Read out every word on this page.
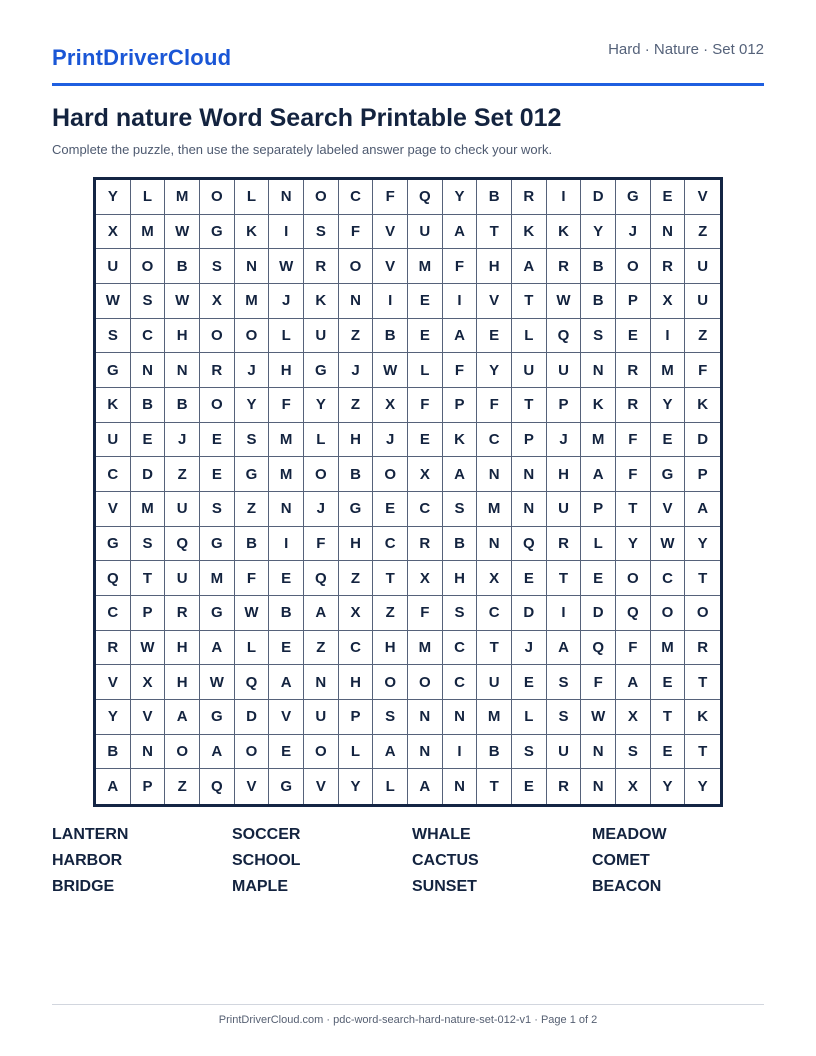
PrintDriverCloud	Hard · Nature · Set 012
Hard nature Word Search Printable Set 012
Complete the puzzle, then use the separately labeled answer page to check your work.
Y	L	M	O	L	N	O	C	F	Q	Y	B	R	I	D	G	E	V
X	M	W	G	K	I	S	F	V	U	A	T	K	K	Y	J	N	Z
U	O	B	S	N	W	R	O	V	M	F	H	A	R	B	O	R	U
W	S	W	X	M	J	K	N	I	E	I	V	T	W	B	P	X	U
S	C	H	O	O	L	U	Z	B	E	A	E	L	Q	S	E	I	Z
G	N	N	R	J	H	G	J	W	L	F	Y	U	U	N	R	M	F
K	B	B	O	Y	F	Y	Z	X	F	P	F	T	P	K	R	Y	K
U	E	J	E	S	M	L	H	J	E	K	C	P	J	M	F	E	D
C	D	Z	E	G	M	O	B	O	X	A	N	N	H	A	F	G	P
V	M	U	S	Z	N	J	G	E	C	S	M	N	U	P	T	V	A
G	S	Q	G	B	I	F	H	C	R	B	N	Q	R	L	Y	W	Y
Q	T	U	M	F	E	Q	Z	T	X	H	X	E	T	E	O	C	T
C	P	R	G	W	B	A	X	Z	F	S	C	D	I	D	Q	O	O
R	W	H	A	L	E	Z	C	H	M	C	T	J	A	Q	F	M	R
V	X	H	W	Q	A	N	H	O	O	C	U	E	S	F	A	E	T
Y	V	A	G	D	V	U	P	S	N	N	M	L	S	W	X	T	K
B	N	O	A	O	E	O	L	A	N	I	B	S	U	N	S	E	T
A	P	Z	Q	V	G	V	Y	L	A	N	T	E	R	N	X	Y	Y
LANTERN	SOCCER	WHALE	MEADOW
HARBOR	SCHOOL	CACTUS	COMET
BRIDGE	MAPLE	SUNSET	BEACON
PrintDriverCloud.com · pdc-word-search-hard-nature-set-012-v1 · Page 1 of 2
